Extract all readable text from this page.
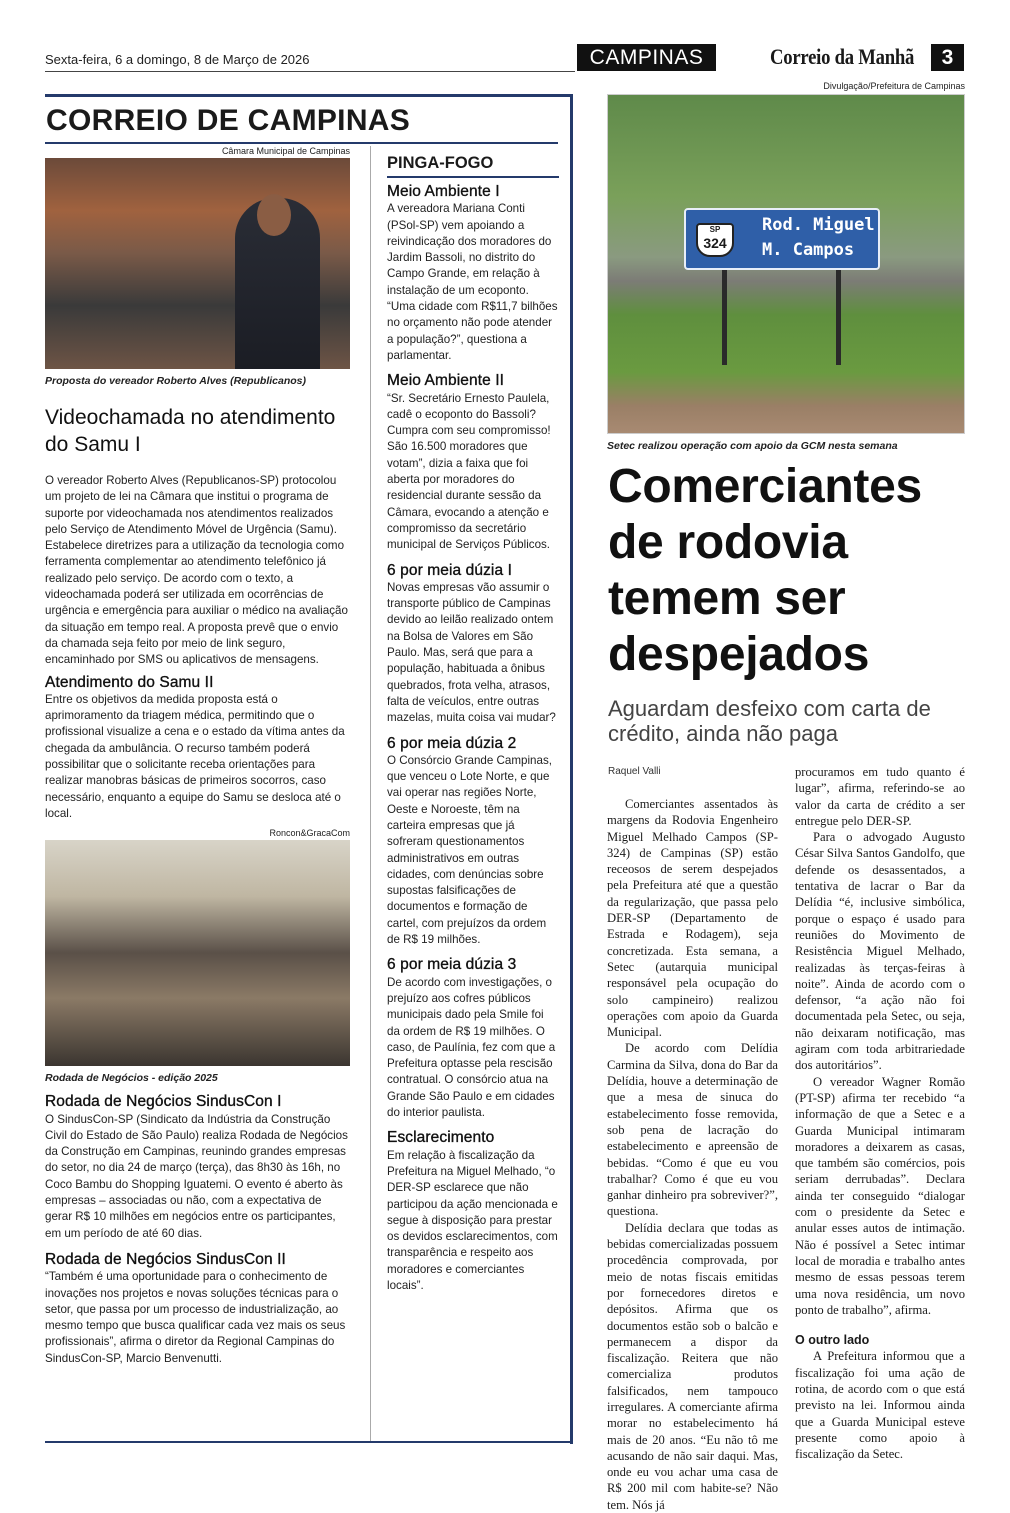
Sexta-feira, 6 a domingo, 8 de Março de 2026	CAMPINAS	Correio da Manhã	3
CORREIO DE CAMPINAS
Câmara Municipal de Campinas
Proposta do vereador Roberto Alves (Republicanos)
Videochamada no atendimento do Samu I

O vereador Roberto Alves (Republicanos-SP) protocolou um projeto de lei na Câmara que institui o programa de suporte por videochamada nos atendimentos realizados pelo Serviço de Atendimento Móvel de Urgência (Samu). Estabelece diretrizes para a utilização da tecnologia como ferramenta complementar ao atendimento telefônico já realizado pelo serviço. De acordo com o texto, a videochamada poderá ser utilizada em ocorrências de urgência e emergência para auxiliar o médico na avaliação da situação em tempo real. A proposta prevê que o envio da chamada seja feito por meio de link seguro, encaminhado por SMS ou aplicativos de mensagens.

Atendimento do Samu II

Entre os objetivos da medida proposta está o aprimoramento da triagem médica, permitindo que o profissional visualize a cena e o estado da vítima antes da chegada da ambulância. O recurso também poderá possibilitar que o solicitante receba orientações para realizar manobras básicas de primeiros socorros, caso necessário, enquanto a equipe do Samu se desloca até o local.

Roncon&GracaCom
Rodada de Negócios - edição 2025
Rodada de Negócios SindusCon I

O SindusCon-SP (Sindicato da Indústria da Construção Civil do Estado de São Paulo) realiza Rodada de Negócios da Construção em Campinas, reunindo grandes empresas do setor, no dia 24 de março (terça), das 8h30 às 16h, no Coco Bambu do Shopping Iguatemi. O evento é aberto às empresas – associadas ou não, com a expectativa de gerar R$ 10 milhões em negócios entre os participantes, em um período de até 60 dias.

Rodada de Negócios SindusCon II

“Também é uma oportunidade para o conhecimento de inovações nos projetos e novas soluções técnicas para o setor, que passa por um processo de industrialização, ao mesmo tempo que busca qualificar cada vez mais os seus profissionais”, afirma o diretor da Regional Campinas do SindusCon-SP, Marcio Benvenutti.

PINGA-FOGO
Meio Ambiente I

A vereadora Mariana Conti (PSol-SP) vem apoiando a reivindicação dos moradores do Jardim Bassoli, no distrito do Campo Grande, em relação à instalação de um ecoponto. “Uma cidade com R$11,7 bilhões no orçamento não pode atender a população?”, questiona a parlamentar.

Meio Ambiente II

“Sr. Secretário Ernesto Paulela, cadê o ecoponto do Bassoli? Cumpra com seu compromisso! São 16.500 moradores que votam”, dizia a faixa que foi aberta por moradores do residencial durante sessão da Câmara, evocando a atenção e compromisso da secretário municipal de Serviços Públicos.

6 por meia dúzia I

Novas empresas vão assumir o transporte público de Campinas devido ao leilão realizado ontem na Bolsa de Valores em São Paulo. Mas, será que para a população, habituada a ônibus quebrados, frota velha, atrasos, falta de veículos, entre outras mazelas, muita coisa vai mudar?

6 por meia dúzia 2

O Consórcio Grande Campinas, que venceu o Lote Norte, e que vai operar nas regiões Norte, Oeste e Noroeste, têm na carteira empresas que já sofreram questionamentos administrativos em outras cidades, com denúncias sobre supostas falsificações de documentos e formação de cartel, com prejuízos da ordem de R$ 19 milhões.

6 por meia dúzia 3

De acordo com investigações, o prejuízo aos cofres públicos municipais dado pela Smile foi da ordem de R$ 19 milhões. O caso, de Paulínia, fez com que a Prefeitura optasse pela rescisão contratual. O consórcio atua na Grande São Paulo e em cidades do interior paulista.

Esclarecimento

Em relação à fiscalização da Prefeitura na Miguel Melhado, “o DER-SP esclarece que não participou da ação mencionada e segue à disposição para prestar os devidos esclarecimentos, com transparência e respeito aos moradores e comerciantes locais”.

Divulgação/Prefeitura de Campinas
SP
324
Rod. Miguel
M. Campos
Setec realizou operação com apoio da GCM nesta semana
Comerciantes de rodovia temem ser despejados
Aguardam desfeixo com carta de crédito, ainda não paga
Raquel Valli

Comerciantes assentados às margens da Rodovia Engenheiro Miguel Melhado Campos (SP-324) de Campinas (SP) estão receosos de serem despejados pela Prefeitura até que a questão da regularização, que passa pelo DER-SP (Departamento de Estrada e Rodagem), seja concretizada. Esta semana, a Setec (autarquia municipal responsável pela ocupação do solo campineiro) realizou operações com apoio da Guarda Municipal.

De acordo com Delídia Carmina da Silva, dona do Bar da Delídia, houve a determinação de que a mesa de sinuca do estabelecimento fosse removida, sob pena de lacração do estabelecimento e apreensão de bebidas. “Como é que eu vou trabalhar? Como é que eu vou ganhar dinheiro pra sobreviver?”, questiona.

Delídia declara que todas as bebidas comercializadas possuem procedência comprovada, por meio de notas fiscais emitidas por fornecedores diretos e depósitos. Afirma que os documentos estão sob o balcão e permanecem a dispor da fiscalização. Reitera que não comercializa produtos falsificados, nem tampouco irregulares. A comerciante afirma morar no estabelecimento há mais de 20 anos. “Eu não tô me acusando de não sair daqui. Mas, onde eu vou achar uma casa de R$ 200 mil com habite-se? Não tem. Nós já

procuramos em tudo quanto é lugar”, afirma, referindo-se ao valor da carta de crédito a ser entregue pelo DER-SP.

Para o advogado Augusto César Silva Santos Gandolfo, que defende os desassentados, a tentativa de lacrar o Bar da Delídia “é, inclusive simbólica, porque o espaço é usado para reuniões do Movimento de Resistência Miguel Melhado, realizadas às terças-feiras à noite”. Ainda de acordo com o defensor, “a ação não foi documentada pela Setec, ou seja, não deixaram notificação, mas agiram com toda arbitrariedade dos autoritários”.

O vereador Wagner Romão (PT-SP) afirma ter recebido “a informação de que a Setec e a Guarda Municipal intimaram moradores a deixarem as casas, que também são comércios, pois seriam derrubadas”. Declara ainda ter conseguido “dialogar com o presidente da Setec e anular esses autos de intimação. Não é possível a Setec intimar local de moradia e trabalho antes mesmo de essas pessoas terem uma nova residência, um novo ponto de trabalho”, afirma.

O outro lado

A Prefeitura informou que a fiscalização foi uma ação de rotina, de acordo com o que está previsto na lei. Informou ainda que a Guarda Municipal esteve presente como apoio à fiscalização da Setec.
